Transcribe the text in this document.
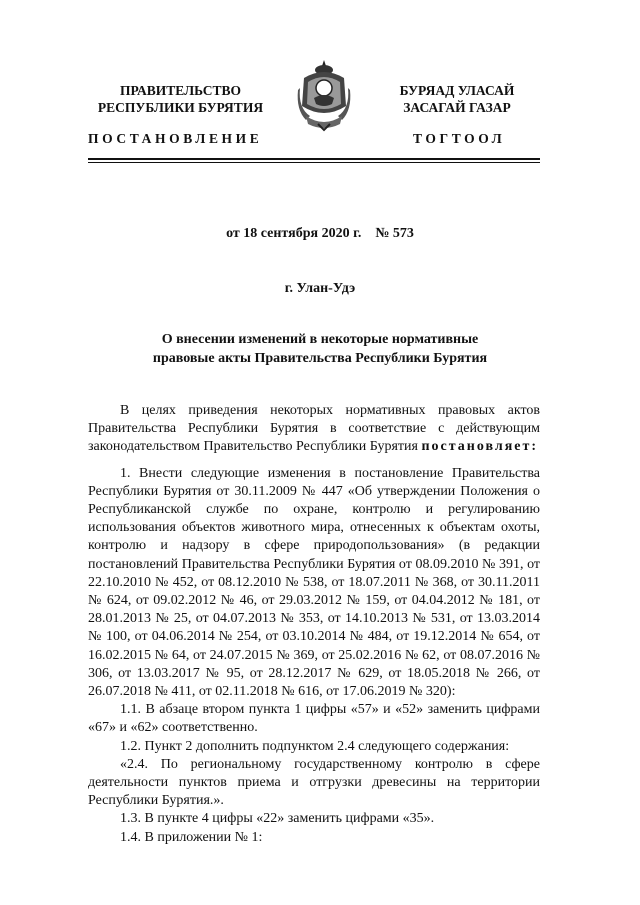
ПРАВИТЕЛЬСТВО
РЕСПУБЛИКИ БУРЯТИЯ
БУРЯАД УЛАСАЙ
ЗАСАГАЙ ГАЗАР
ПОСТАНОВЛЕНИЕ	ТОГТООЛ
от 18 сентября 2020 г.    № 573
г. Улан-Удэ
О внесении изменений в некоторые нормативные
правовые акты Правительства Республики Бурятия

В целях приведения некоторых нормативных правовых актов Правительства Республики Бурятия в соответствие с действующим законодательством Правительство Республики Бурятия постановляет:

1. Внести следующие изменения в постановление Правительства Республики Бурятия от 30.11.2009 № 447 «Об утверждении Положения о Республиканской службе по охране, контролю и регулированию использования объектов животного мира, отнесенных к объектам охоты, контролю и надзору в сфере природопользования» (в редакции постановлений Правительства Республики Бурятия от 08.09.2010 № 391, от 22.10.2010 № 452, от 08.12.2010 № 538, от 18.07.2011 № 368, от 30.11.2011 № 624, от 09.02.2012 № 46, от 29.03.2012 № 159, от 04.04.2012 № 181, от 28.01.2013 № 25, от 04.07.2013 № 353, от 14.10.2013 № 531, от 13.03.2014 № 100, от 04.06.2014 № 254, от 03.10.2014 № 484, от 19.12.2014 № 654, от 16.02.2015 № 64, от 24.07.2015 № 369, от 25.02.2016 № 62, от 08.07.2016 № 306, от 13.03.2017 № 95, от 28.12.2017 № 629, от 18.05.2018 № 266, от 26.07.2018 № 411, от 02.11.2018 № 616, от 17.06.2019 № 320):

1.1. В абзаце втором пункта 1 цифры «57» и «52» заменить цифрами «67» и «62» соответственно.

1.2. Пункт 2 дополнить подпунктом 2.4 следующего содержания:

«2.4. По региональному государственному контролю в сфере деятельности пунктов приема и отгрузки древесины на территории Республики Бурятия.».

1.3. В пункте 4 цифры «22» заменить цифрами «35».

1.4. В приложении № 1:
